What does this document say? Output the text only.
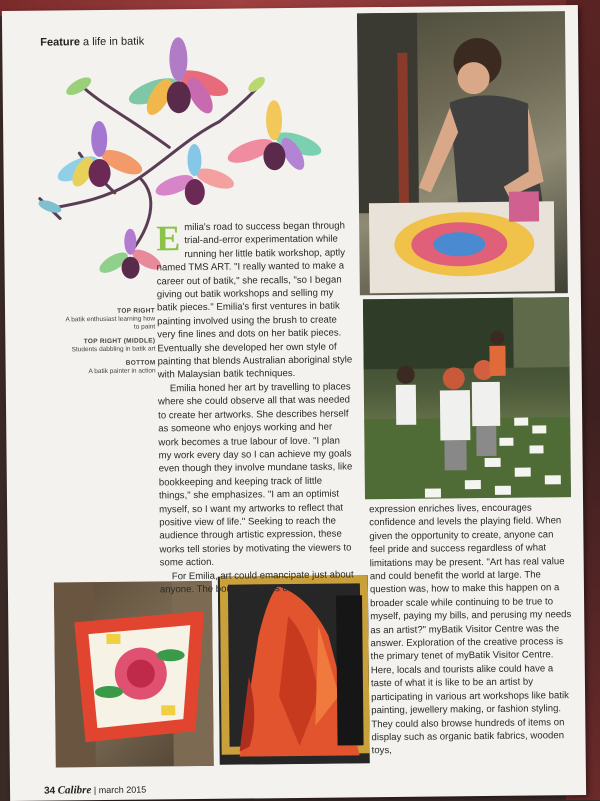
Feature a life in batik
TOP RIGHT
A batik enthusiast learning how to paint
TOP RIGHT (MIDDLE)
Students dabbling in batik art
BOTTOM
A batik painter in action

Emilia's road to success began through trial-and-error experimentation while running her little batik workshop, aptly named TMS ART. "I really wanted to make a career out of batik," she recalls, "so I began giving out batik workshops and selling my batik pieces." Emilia's first ventures in batik painting involved using the brush to create very fine lines and dots on her batik pieces. Eventually she developed her own style of painting that blends Australian aboriginal style with Malaysian batik techniques.

Emilia honed her art by travelling to places where she could observe all that was needed to create her artworks. She describes herself as someone who enjoys working and her work becomes a true labour of love. "I plan my work every day so I can achieve my goals even though they involve mundane tasks, like bookkeeping and keeping track of little things," she emphasizes. "I am an optimist myself, so I want my artworks to reflect that positive view of life." Seeking to reach the audience through artistic expression, these works tell stories by motivating the viewers to some action.

For Emilia, art could emancipate just about anyone. The boundlessness of creative

expression enriches lives, encourages confidence and levels the playing field. When given the opportunity to create, anyone can feel pride and success regardless of what limitations may be present. "Art has real value and could benefit the world at large. The question was, how to make this happen on a broader scale while continuing to be true to myself, paying my bills, and perusing my needs as an artist?" myBatik Visitor Centre was the answer. Exploration of the creative process is the primary tenet of myBatik Visitor Centre. Here, locals and tourists alike could have a taste of what it is like to be an artist by participating in various art workshops like batik painting, jewellery making, or fashion styling. They could also browse hundreds of items on display such as organic batik fabrics, wooden toys,

34 Calibre | march 2015
